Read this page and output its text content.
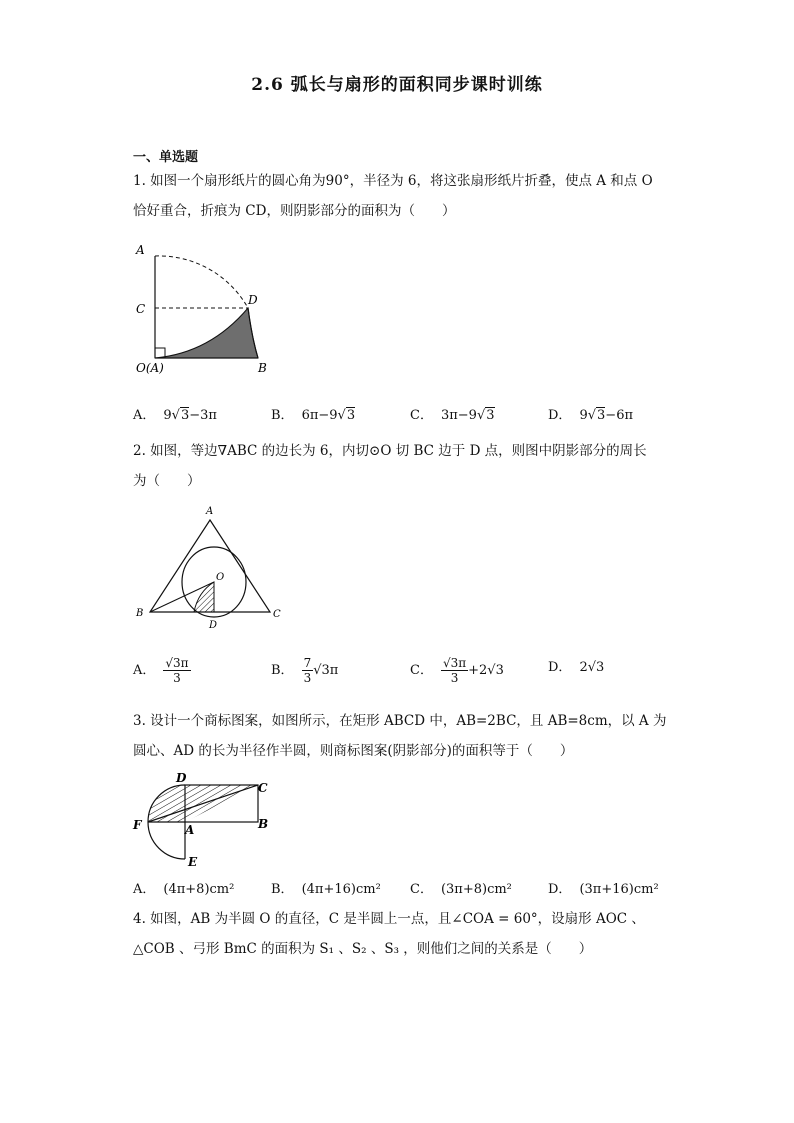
2.6 弧长与扇形的面积同步课时训练
一、单选题
1. 如图一个扇形纸片的圆心角为90°，半径为 6，将这张扇形纸片折叠，使点 A 和点 O
恰好重合，折痕为 CD，则阴影部分的面积为（　　）
A
C
D
O(A)	B
A． 9√3−3π	B． 6π−9√3	C． 3π−9√3	D． 9√3−6π
2. 如图，等边∇ABC 的边长为 6，内切⊙O 切 BC 边于 D 点，则图中阴影部分的周长
为（　　）
A
B	C
O
D
A． $\frac{√3\pi}{3}$	B． $\frac{7}{3} √3\pi$	C． $\frac{√3\pi}{3} +2√3$	D． 2√3
3. 设计一个商标图案，如图所示，在矩形 ABCD 中，AB=2BC，且 AB=8cm，以 A 为
圆心、AD 的长为半径作半圆，则商标图案(阴影部分)的面积等于（　　）
D
C
F	A	B
E
A． (4π+8)cm²	B． (4π+16)cm² C． (3π+8)cm²	D． (3π+16)cm²
4. 如图，AB 为半圆 O 的直径，C 是半圆上一点，且∠COA = 60°，设扇形 AOC 、
△COB 、弓形 BmC 的面积为 S₁ 、S₂ 、S₃ ，则他们之间的关系是（　　）
